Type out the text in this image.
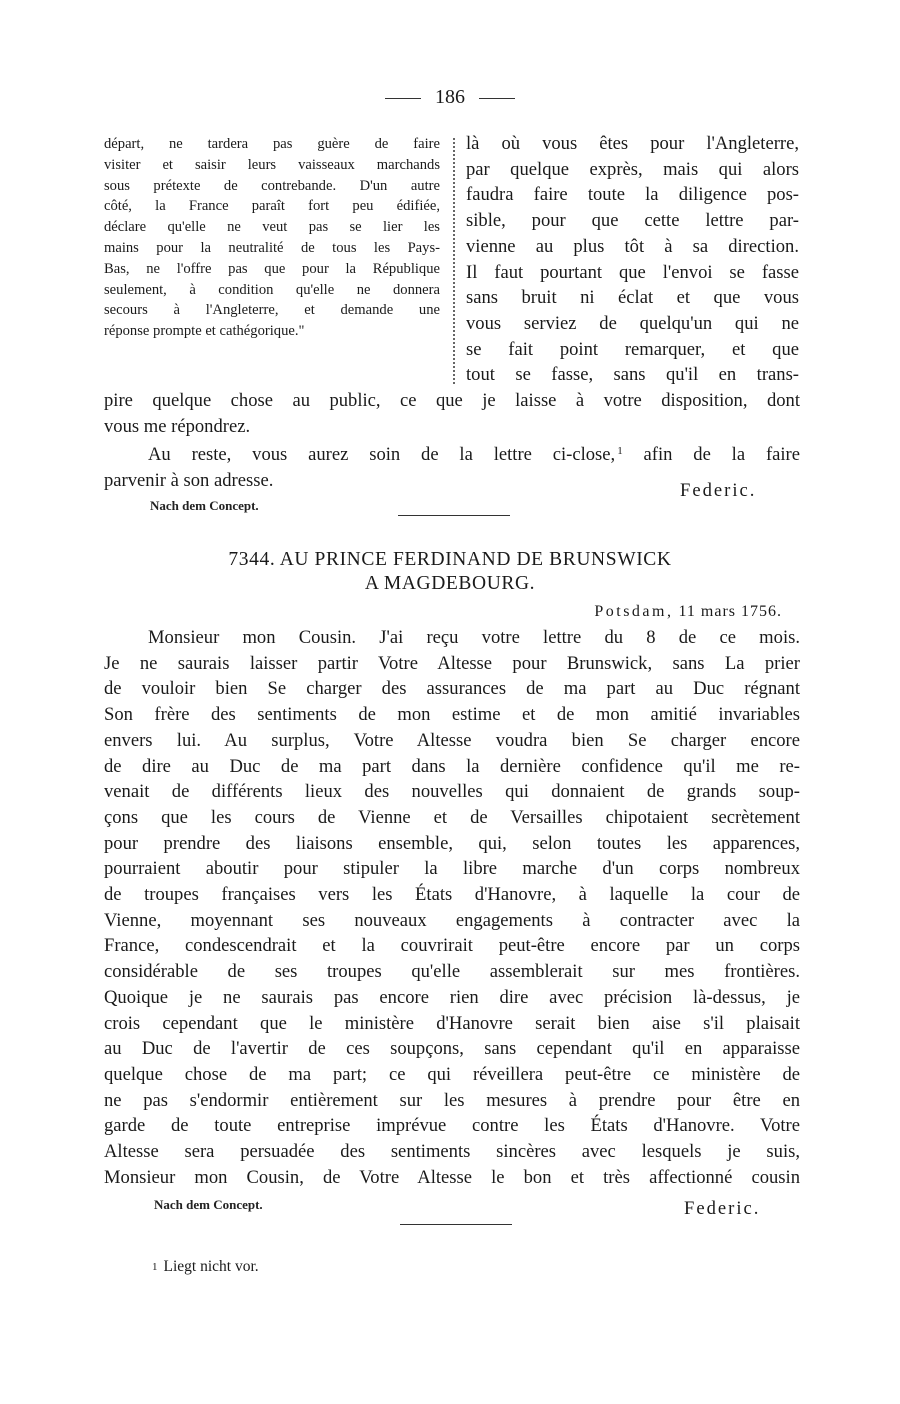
186
départ, ne tardera pas guère de faire
visiter et saisir leurs vaisseaux marchands
sous prétexte de contrebande. D'un autre
côté, la France paraît fort peu édifiée,
déclare qu'elle ne veut pas se lier les
mains pour la neutralité de tous les Pays-
Bas, ne l'offre pas que pour la République
seulement, à condition qu'elle ne donnera
secours à l'Angleterre, et demande une
réponse prompte et cathégorique."
là où vous êtes pour l'Angleterre,
par quelque exprès, mais qui alors
faudra faire toute la diligence pos-
sible, pour que cette lettre par-
vienne au plus tôt à sa direction.
Il faut pourtant que l'envoi se fasse
sans bruit ni éclat et que vous
vous serviez de quelqu'un qui ne
se fait point remarquer, et que
tout se fasse, sans qu'il en trans-
pire quelque chose au public, ce que je laisse à votre disposition, dont
vous me répondrez.
Au reste, vous aurez soin de la lettre ci-close, $^1$ afin de la faire
parvenir à son adresse.	Federic.
Nach dem Concept.
7344. AU PRINCE FERDINAND DE BRUNSWICK
A MAGDEBOURG.
Potsdam, 11 mars 1756.
Monsieur mon Cousin. J'ai reçu votre lettre du 8 de ce mois.
Je ne saurais laisser partir Votre Altesse pour Brunswick, sans La prier
de vouloir bien Se charger des assurances de ma part au Duc régnant
Son frère des sentiments de mon estime et de mon amitié invariables
envers lui. Au surplus, Votre Altesse voudra bien Se charger encore
de dire au Duc de ma part dans la dernière confidence qu'il me re-
venait de différents lieux des nouvelles qui donnaient de grands soup-
çons que les cours de Vienne et de Versailles chipotaient secrètement
pour prendre des liaisons ensemble, qui, selon toutes les apparences,
pourraient aboutir pour stipuler la libre marche d'un corps nombreux
de troupes françaises vers les États d'Hanovre, à laquelle la cour de
Vienne, moyennant ses nouveaux engagements à contracter avec la
France, condescendrait et la couvrirait peut-être encore par un corps
considérable de ses troupes qu'elle assemblerait sur mes frontières.
Quoique je ne saurais pas encore rien dire avec précision là-dessus, je
crois cependant que le ministère d'Hanovre serait bien aise s'il plaisait
au Duc de l'avertir de ces soupçons, sans cependant qu'il en apparaisse
quelque chose de ma part; ce qui réveillera peut-être ce ministère de
ne pas s'endormir entièrement sur les mesures à prendre pour être en
garde de toute entreprise imprévue contre les États d'Hanovre. Votre
Altesse sera persuadée des sentiments sincères avec lesquels je suis,
Monsieur mon Cousin, de Votre Altesse le bon et très affectionné cousin
Nach dem Concept.	Federic.
1 Liegt nicht vor.
